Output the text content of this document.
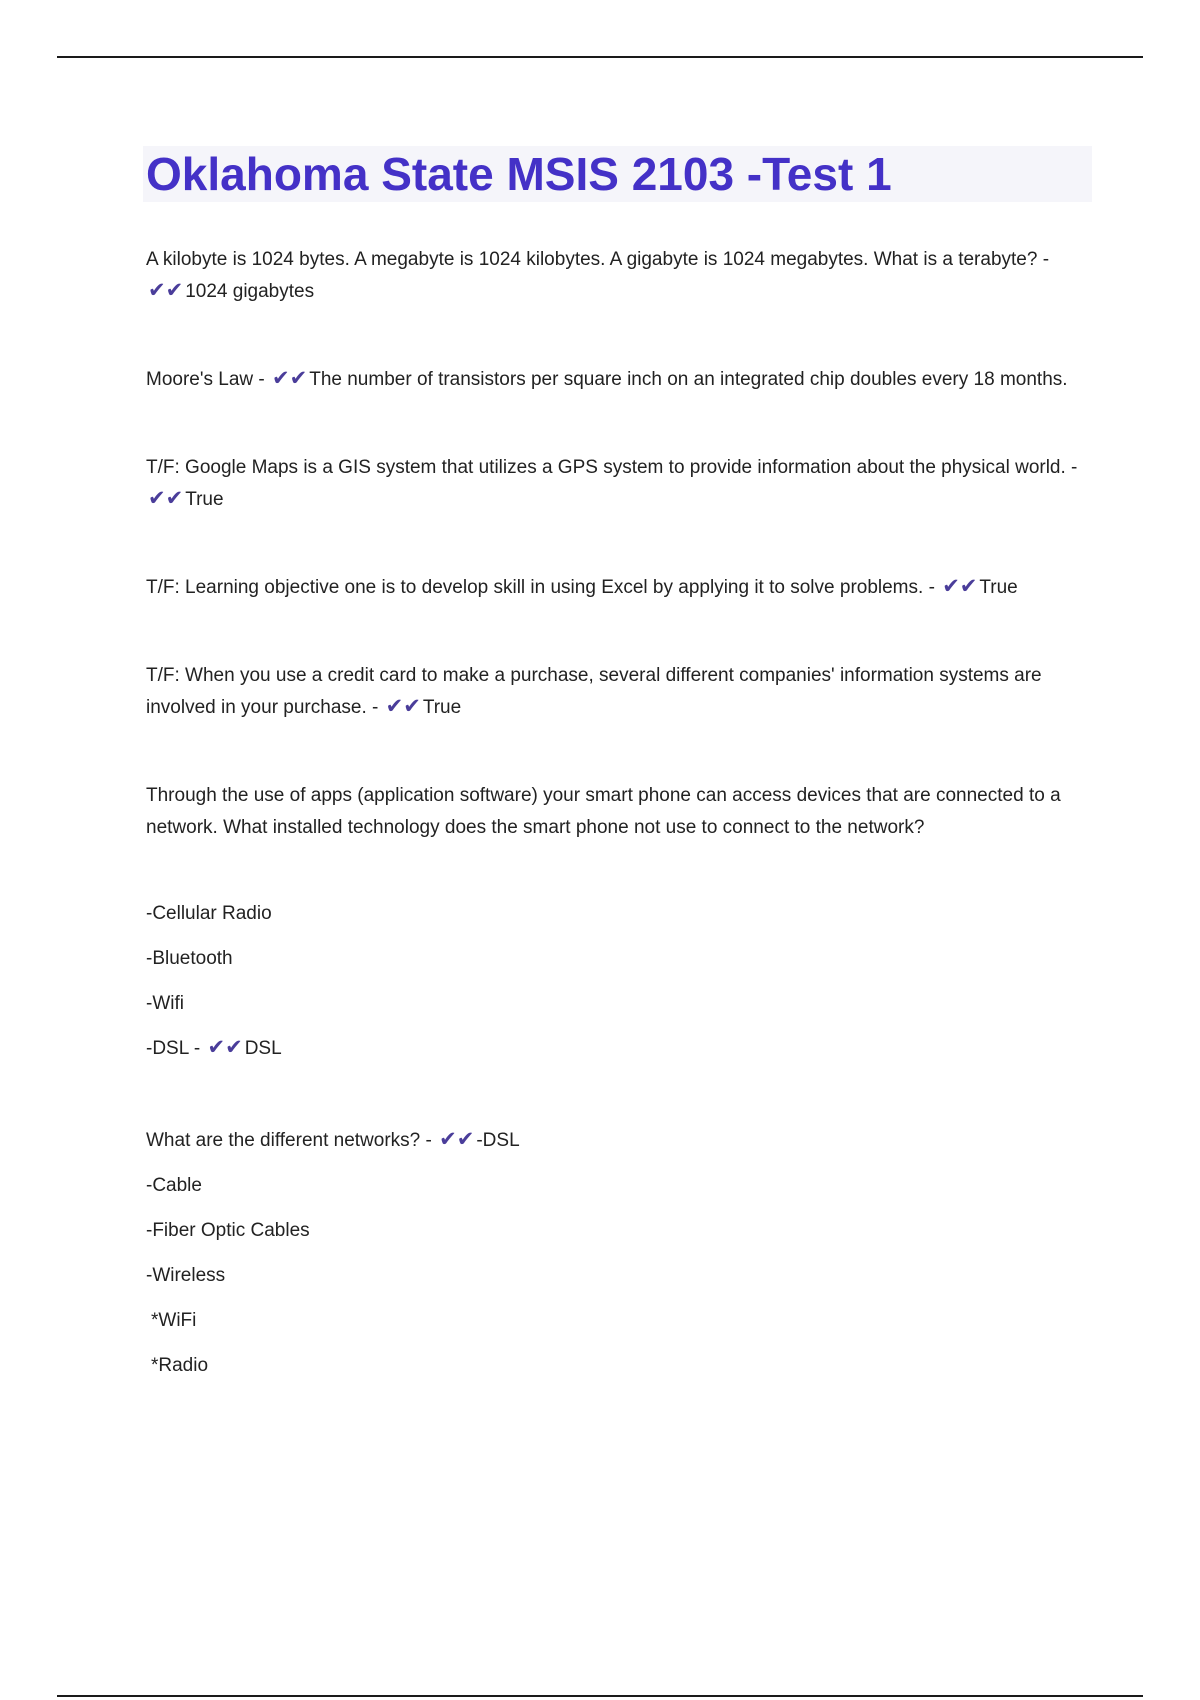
Oklahoma State MSIS 2103 -Test 1

A kilobyte is 1024 bytes. A megabyte is 1024 kilobytes. A gigabyte is 1024 megabytes. What is a terabyte? - ✔✔ 1024 gigabytes

Moore's Law - ✔✔ The number of transistors per square inch on an integrated chip doubles every 18 months.

T/F: Google Maps is a GIS system that utilizes a GPS system to provide information about the physical world. - ✔✔ True

T/F: Learning objective one is to develop skill in using Excel by applying it to solve problems. - ✔✔ True

T/F: When you use a credit card to make a purchase, several different companies' information systems are involved in your purchase. - ✔✔ True

Through the use of apps (application software) your smart phone can access devices that are connected to a network. What installed technology does the smart phone not use to connect to the network?

-Cellular Radio

-Bluetooth

-Wifi

-DSL - ✔✔ DSL

What are the different networks? - ✔✔ -DSL

-Cable

-Fiber Optic Cables

-Wireless

*WiFi

*Radio
